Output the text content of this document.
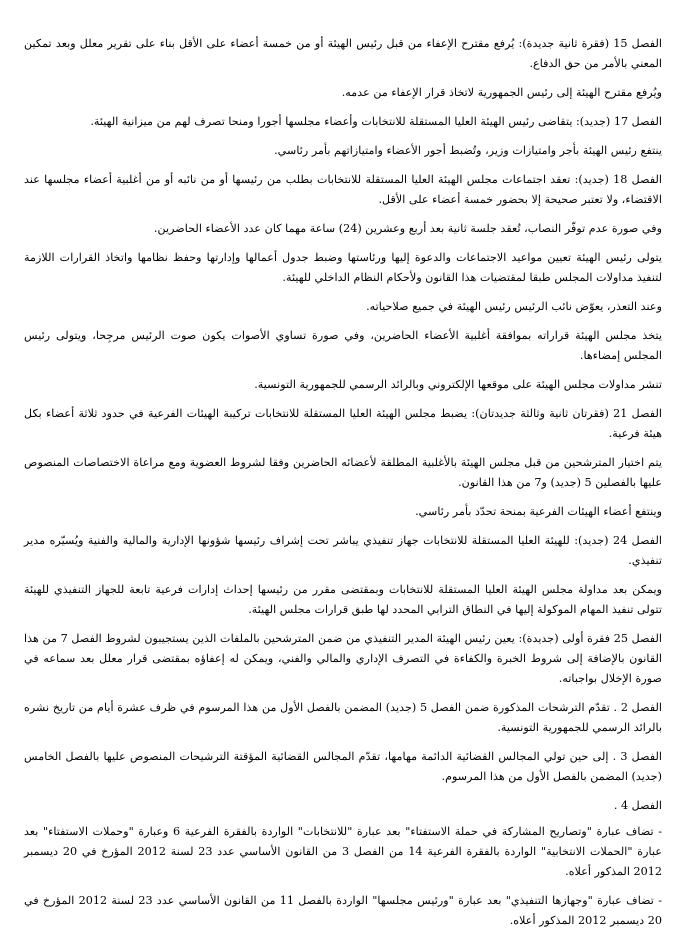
الفصل 15 (فقرة ثانية جديدة): يُرفع مقترح الإعفاء من قبل رئيس الهيئة أو من خمسة أعضاء على الأقل بناء على تقرير معلل وبعد تمكين المعني بالأمر من حق الدفاع.

ويُرفع مقترح الهيئة إلى رئيس الجمهورية لاتخاذ قرار الإعفاء من عدمه.

الفصل 17 (جديد): يتقاضى رئيس الهيئة العليا المستقلة للانتخابات وأعضاء مجلسها أجورا ومنحا تصرف لهم من ميزانية الهيئة.

ينتفع رئيس الهيئة بأجر وامتيازات وزير، وتُضبط أجور الأعضاء وامتيازاتهم بأمر رئاسي.

الفصل 18 (جديد): تعقد اجتماعات مجلس الهيئة العليا المستقلة للانتخابات بطلب من رئيسها أو من نائبه أو من أغلبية أعضاء مجلسها عند الاقتضاء، ولا تعتبر صحيحة إلا بحضور خمسة أعضاء على الأقل.

وفي صورة عدم توفّر النصاب، تُعقد جلسة ثانية بعد أربع وعشرين (24) ساعة مهما كان عدد الأعضاء الحاضرين.

يتولى رئيس الهيئة تعيين مواعيد الاجتماعات والدعوة إليها ورئاستها وضبط جدول أعمالها وإدارتها وحفظ نظامها واتخاذ القرارات اللازمة لتنفيذ مداولات المجلس طبقا لمقتضيات هذا القانون ولأحكام النظام الداخلي للهيئة.

وعند التعذر، يعوّض نائب الرئيس رئيس الهيئة في جميع صلاحياته.

يتخذ مجلس الهيئة قراراته بموافقة أغلبية الأعضاء الحاضرين، وفي صورة تساوي الأصوات يكون صوت الرئيس مرجِحا، ويتولى رئيس المجلس إمضاءها.

تنشر مداولات مجلس الهيئة على موقعها الإلكتروني وبالرائد الرسمي للجمهورية التونسية.

الفصل 21 (فقرتان ثانية وثالثة جديدتان): يضبط مجلس الهيئة العليا المستقلة للانتخابات تركيبة الهيئات الفرعية في حدود ثلاثة أعضاء بكل هيئة فرعية.

يتم اختيار المترشحين من قبل مجلس الهيئة بالأغلبية المطلقة لأعضائه الحاضرين وفقا لشروط العضوية ومع مراعاة الاختصاصات المنصوص عليها بالفصلين 5 (جديد) و7 من هذا القانون.

وينتفع أعضاء الهيئات الفرعية بمنحة تحدّد بأمر رئاسي.

الفصل 24 (جديد): للهيئة العليا المستقلة للانتخابات جهاز تنفيذي يباشر تحت إشراف رئيسها شؤونها الإدارية والمالية والفنية ويُسيّره مدير تنفيذي.

ويمكن بعد مداولة مجلس الهيئة العليا المستقلة للانتخابات وبمقتضى مقرر من رئيسها إحداث إدارات فرعية تابعة للجهاز التنفيذي للهيئة تتولى تنفيذ المهام الموكولة إليها في النطاق الترابي المحدد لها طبق قرارات مجلس الهيئة.

الفصل 25 فقرة أولى (جديدة): يعين رئيس الهيئة المدير التنفيذي من ضمن المترشحين بالملفات الذين يستجيبون لشروط الفصل 7 من هذا القانون بالإضافة إلى شروط الخبرة والكفاءة في التصرف الإداري والمالي والفني، ويمكن له إعفاؤه بمقتضى قرار معلل بعد سماعه في صورة الإخلال بواجباته.

الفصل 2 . تقدّم الترشحات المذكورة ضمن الفصل 5 (جديد) المضمن بالفصل الأول من هذا المرسوم في ظرف عشرة أيام من تاريخ نشره بالرائد الرسمي للجمهورية التونسية.

الفصل 3 . إلى حين تولي المجالس القضائية الدائمة مهامها، تقدّم المجالس القضائية المؤقتة الترشيحات المنصوص عليها بالفصل الخامس (جديد) المضمن بالفصل الأول من هذا المرسوم.

الفصل 4 .

- تضاف عبارة "وتصاريح المشاركة في حملة الاستفتاء" بعد عبارة "للانتخابات" الواردة بالفقرة الفرعية 6 وعبارة "وحملات الاستفتاء" بعد عبارة "الحملات الانتخابية" الواردة بالفقرة الفرعية 14 من الفصل 3 من القانون الأساسي عدد 23 لسنة 2012 المؤرخ في 20 ديسمبر 2012 المذكور أعلاه.

- تضاف عبارة "وجهازها التنفيذي" بعد عبارة "ورئيس مجلسها" الواردة بالفصل 11 من القانون الأساسي عدد 23 لسنة 2012 المؤرخ في 20 ديسمبر 2012 المذكور أعلاه.
